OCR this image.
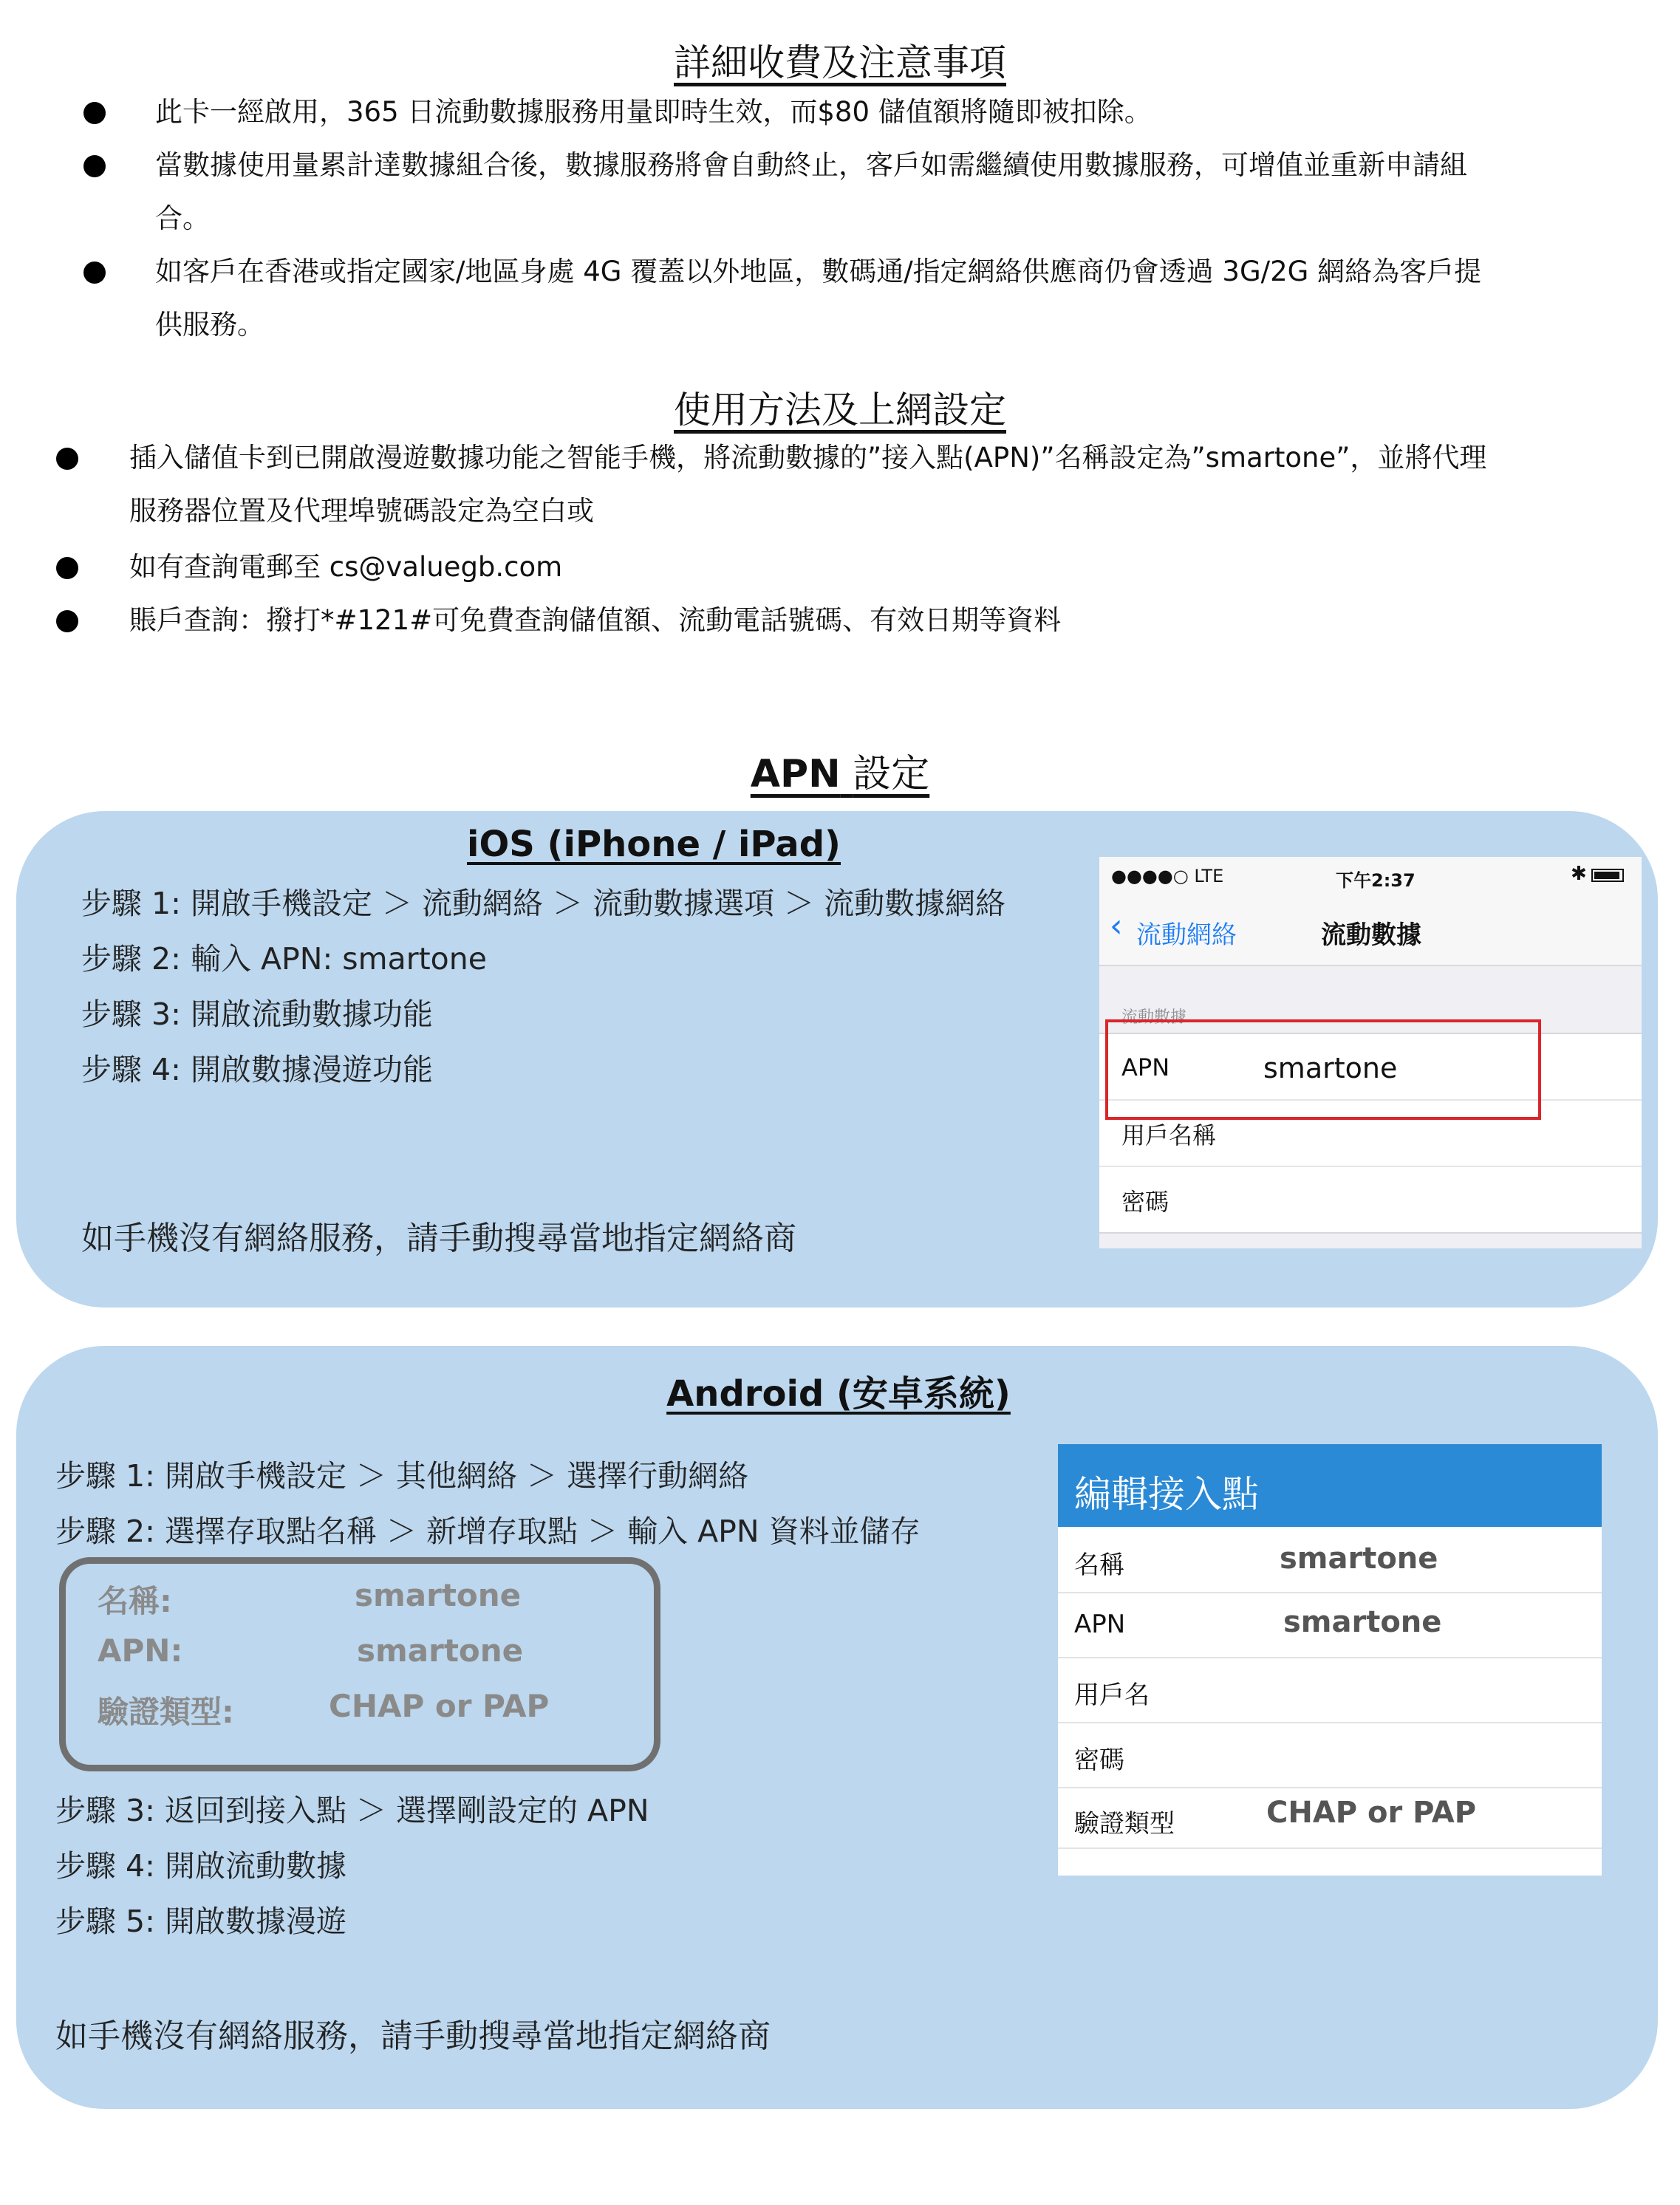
詳細收費及注意事項
此卡一經啟用，365 日流動數據服務用量即時生效，而$80 儲值額將隨即被扣除。
當數據使用量累計達數據組合後，數據服務將會自動終止，客戶如需繼續使用數據服務，可增值並重新申請組
合。
如客戶在香港或指定國家/地區身處 4G 覆蓋以外地區，數碼通/指定網絡供應商仍會透過 3G/2G 網絡為客戶提
供服務。
使用方法及上網設定
插入儲值卡到已開啟漫遊數據功能之智能手機，將流動數據的”接入點(APN)”名稱設定為”smartone”，並將代理
服務器位置及代理埠號碼設定為空白或
如有查詢電郵至 cs@valuegb.com
賬戶查詢：撥打*#121#可免費查詢儲值額、流動電話號碼、有效日期等資料
APN 設定
iOS (iPhone / iPad)
步驟 1: 開啟手機設定 ＞ 流動網絡 ＞ 流動數據選項 ＞ 流動數據網絡
步驟 2: 輸入 APN: smartone
步驟 3: 開啟流動數據功能
步驟 4: 開啟數據漫遊功能
如手機沒有網絡服務，請手動搜尋當地指定網絡商
●●●●○ LTE	下午2:37	✱
‹ 流動網絡	流動數據
流動數據
APN	smartone
用戶名稱
密碼
Android (安卓系統)
步驟 1: 開啟手機設定 ＞ 其他網絡 ＞ 選擇行動網絡
步驟 2: 選擇存取點名稱 ＞ 新增存取點 ＞ 輸入 APN 資料並儲存
名稱:	smartone
APN:	smartone
驗證類型:	CHAP or PAP
步驟 3: 返回到接入點 ＞ 選擇剛設定的 APN
步驟 4: 開啟流動數據
步驟 5: 開啟數據漫遊
如手機沒有網絡服務，請手動搜尋當地指定網絡商
編輯接入點
名稱	smartone
APN	smartone
用戶名
密碼
驗證類型	CHAP or PAP
